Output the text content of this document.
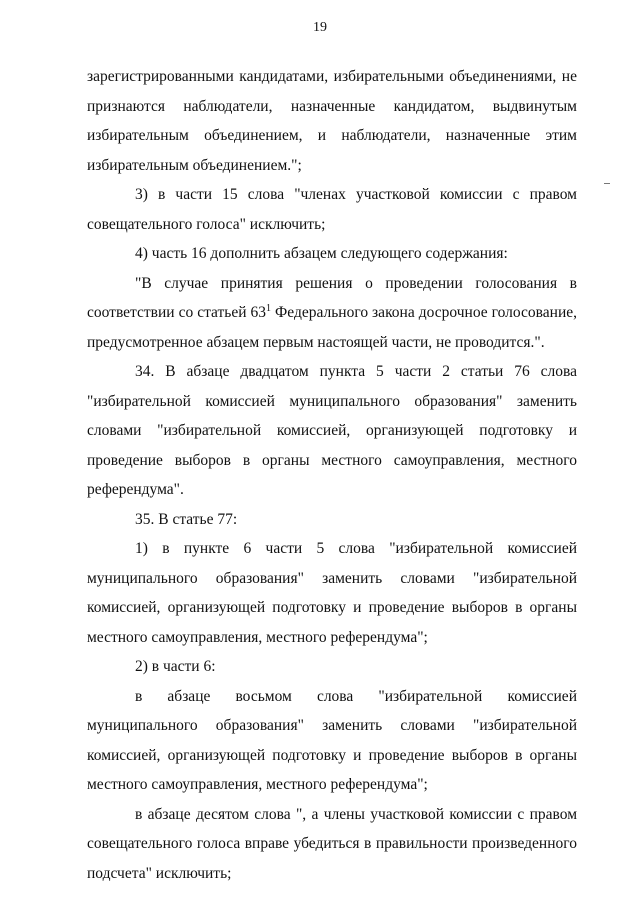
19

зарегистрированными кандидатами, избирательными объединениями, не признаются наблюдатели, назначенные кандидатом, выдвинутым избирательным объединением, и наблюдатели, назначенные этим избирательным объединением.";

3) в части 15 слова "членах участковой комиссии с правом совещательного голоса" исключить;

4) часть 16 дополнить абзацем следующего содержания:

"В случае принятия решения о проведении голосования в соответствии со статьей $63^1$ Федерального закона досрочное голосование, предусмотренное абзацем первым настоящей части, не проводится.".

34. В абзаце двадцатом пункта 5 части 2 статьи 76 слова "избирательной комиссией муниципального образования" заменить словами "избирательной комиссией, организующей подготовку и проведение выборов в органы местного самоуправления, местного референдума".

35. В статье 77:

1) в пункте 6 части 5 слова "избирательной комиссией муниципального образования" заменить словами "избирательной комиссией, организующей подготовку и проведение выборов в органы местного самоуправления, местного референдума";

2) в части 6:

в абзаце восьмом слова "избирательной комиссией муниципального образования" заменить словами "избирательной комиссией, организующей подготовку и проведение выборов в органы местного самоуправления, местного референдума";

в абзаце десятом слова ", а члены участковой комиссии с правом совещательного голоса вправе убедиться в правильности произведенного подсчета" исключить;
